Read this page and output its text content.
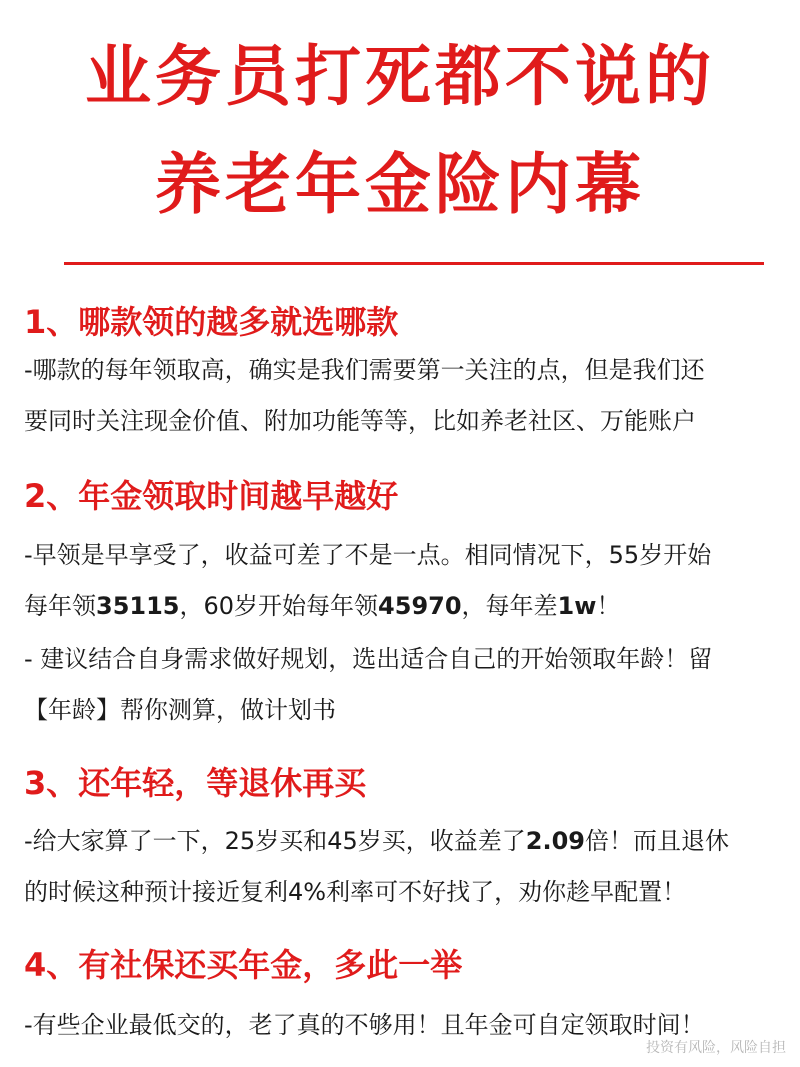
业务员打死都不说的
养老年金险内幕
1、哪款领的越多就选哪款

-哪款的每年领取高，确实是我们需要第一关注的点，但是我们还
要同时关注现金价值、附加功能等等，比如养老社区、万能账户

2、年金领取时间越早越好

-早领是早享受了，收益可差了不是一点。相同情况下，55岁开始
每年领35115，60岁开始每年领45970，每年差1w！

- 建议结合自身需求做好规划，选出适合自己的开始领取年龄！留
【年龄】帮你测算，做计划书

3、还年轻，等退休再买

-给大家算了一下，25岁买和45岁买，收益差了2.09倍！而且退休
的时候这种预计接近复利4%利率可不好找了，劝你趁早配置！

4、有社保还买年金，多此一举

-有些企业最低交的，老了真的不够用！且年金可自定领取时间！

投资有风险，风险自担
